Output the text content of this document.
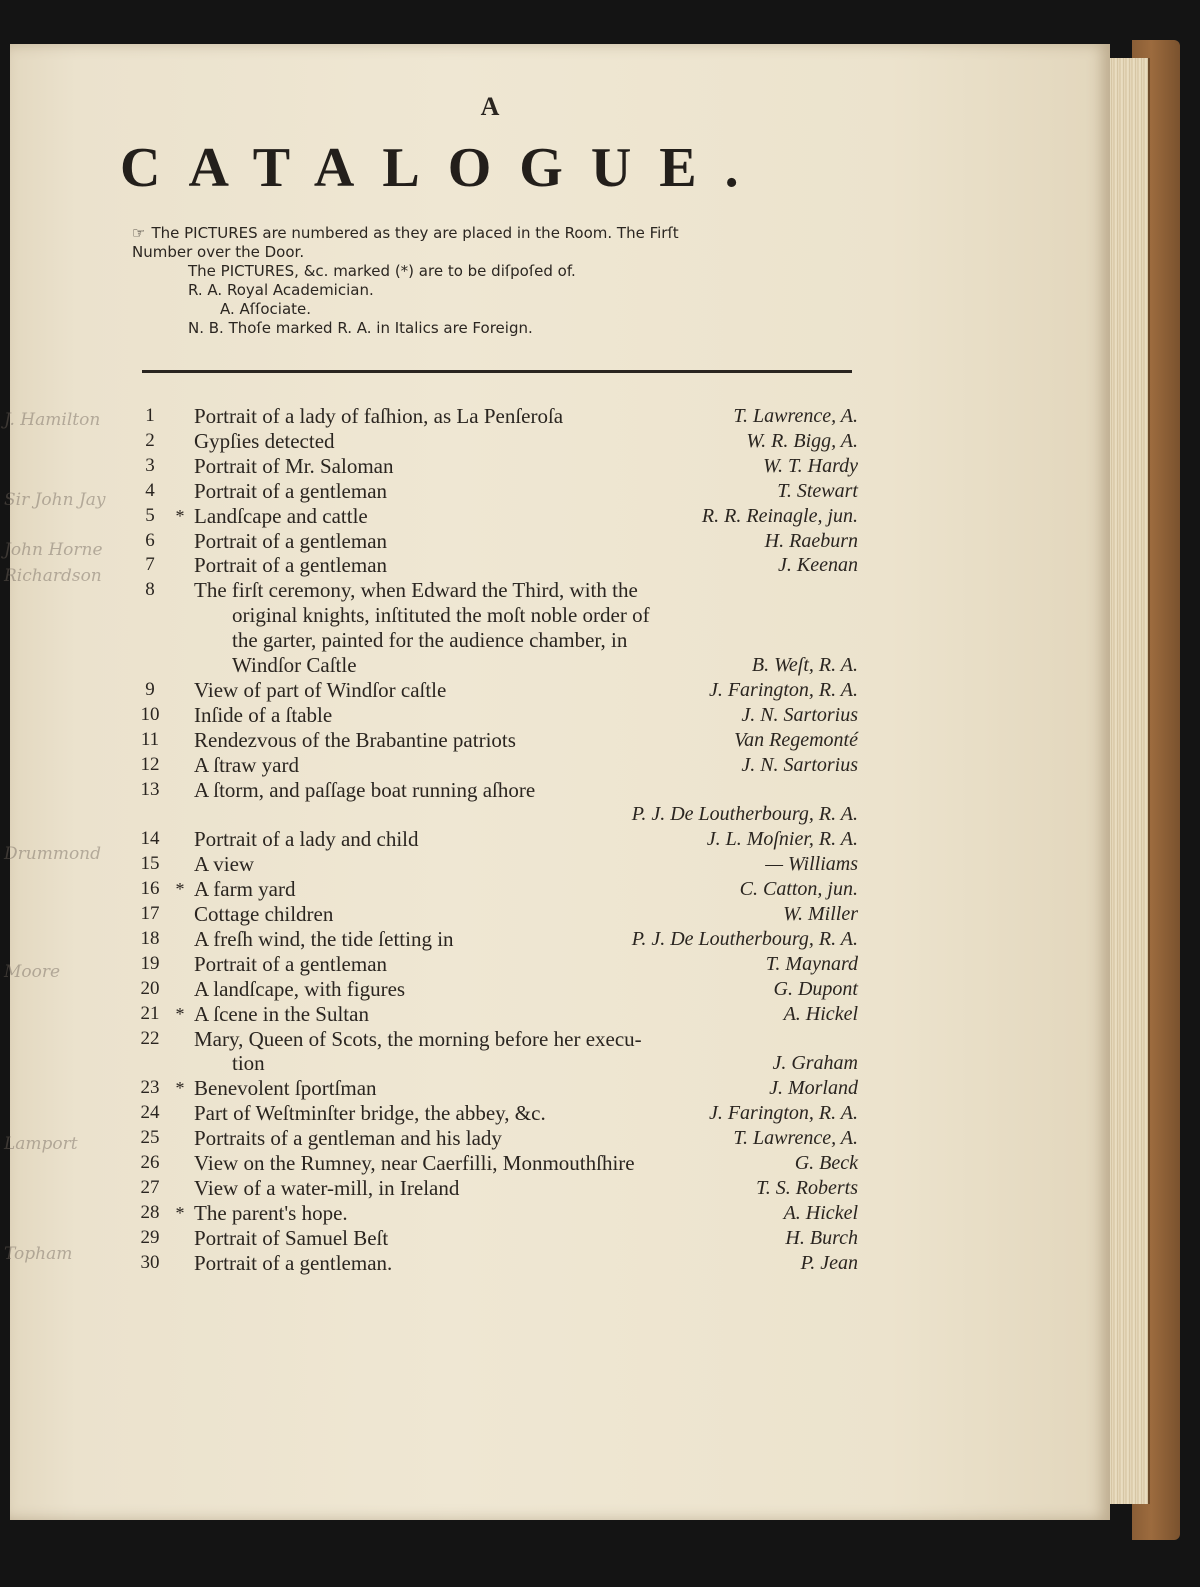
A
CATALOGUE.
☞ The PICTURES are numbered as they are placed in the Room. The Firſt
Number over the Door.
The PICTURES, &c. marked (*) are to be diſpoſed of.
R. A. Royal Academician.
A. Aſſociate.
N. B. Thoſe marked R. A. in Italics are Foreign.
1	Portrait of a lady of faſhion, as La Penſeroſa	T. Lawrence, A.
2	Gypſies detected	W. R. Bigg, A.
3	Portrait of Mr. Saloman	W. T. Hardy
4	Portrait of a gentleman	T. Stewart
5	* Landſcape and cattle	R. R. Reinagle, jun.
6	Portrait of a gentleman	H. Raeburn
7	Portrait of a gentleman	J. Keenan
8	The firſt ceremony, when Edward the Third, with the
original knights, inſtituted the moſt noble order of
the garter, painted for the audience chamber, in
Windſor Caſtle	B. Weſt, R. A.
9	View of part of Windſor caſtle	J. Farington, R. A.
10	Inſide of a ſtable	J. N. Sartorius
11	Rendezvous of the Brabantine patriots	Van Regemonté
12	A ſtraw yard	J. N. Sartorius
13	A ſtorm, and paſſage boat running aſhore
P. J. De Loutherbourg, R. A.
14	Portrait of a lady and child	J. L. Moſnier, R. A.
15	A view	— Williams
16 * A farm yard	C. Catton, jun.
17	Cottage children	W. Miller
18	A freſh wind, the tide ſetting in	P. J. De Loutherbourg, R. A.
19	Portrait of a gentleman	T. Maynard
20	A landſcape, with figures	G. Dupont
21 * A ſcene in the Sultan	A. Hickel
22	Mary, Queen of Scots, the morning before her execu-
tion	J. Graham
23 * Benevolent ſportſman	J. Morland
24	Part of Weſtminſter bridge, the abbey, &c.	J. Farington, R. A.
25	Portraits of a gentleman and his lady	T. Lawrence, A.
26	View on the Rumney, near Caerfilli, Monmouthſhire	G. Beck
27	View of a water-mill, in Ireland	T. S. Roberts
28 * The parent's hope.	A. Hickel
29	Portrait of Samuel Beſt	H. Burch
30	Portrait of a gentleman.	P. Jean
J. Hamilton
Sir John Jay
John Horne
Richardson
Drummond
Moore
Lamport
Topham
